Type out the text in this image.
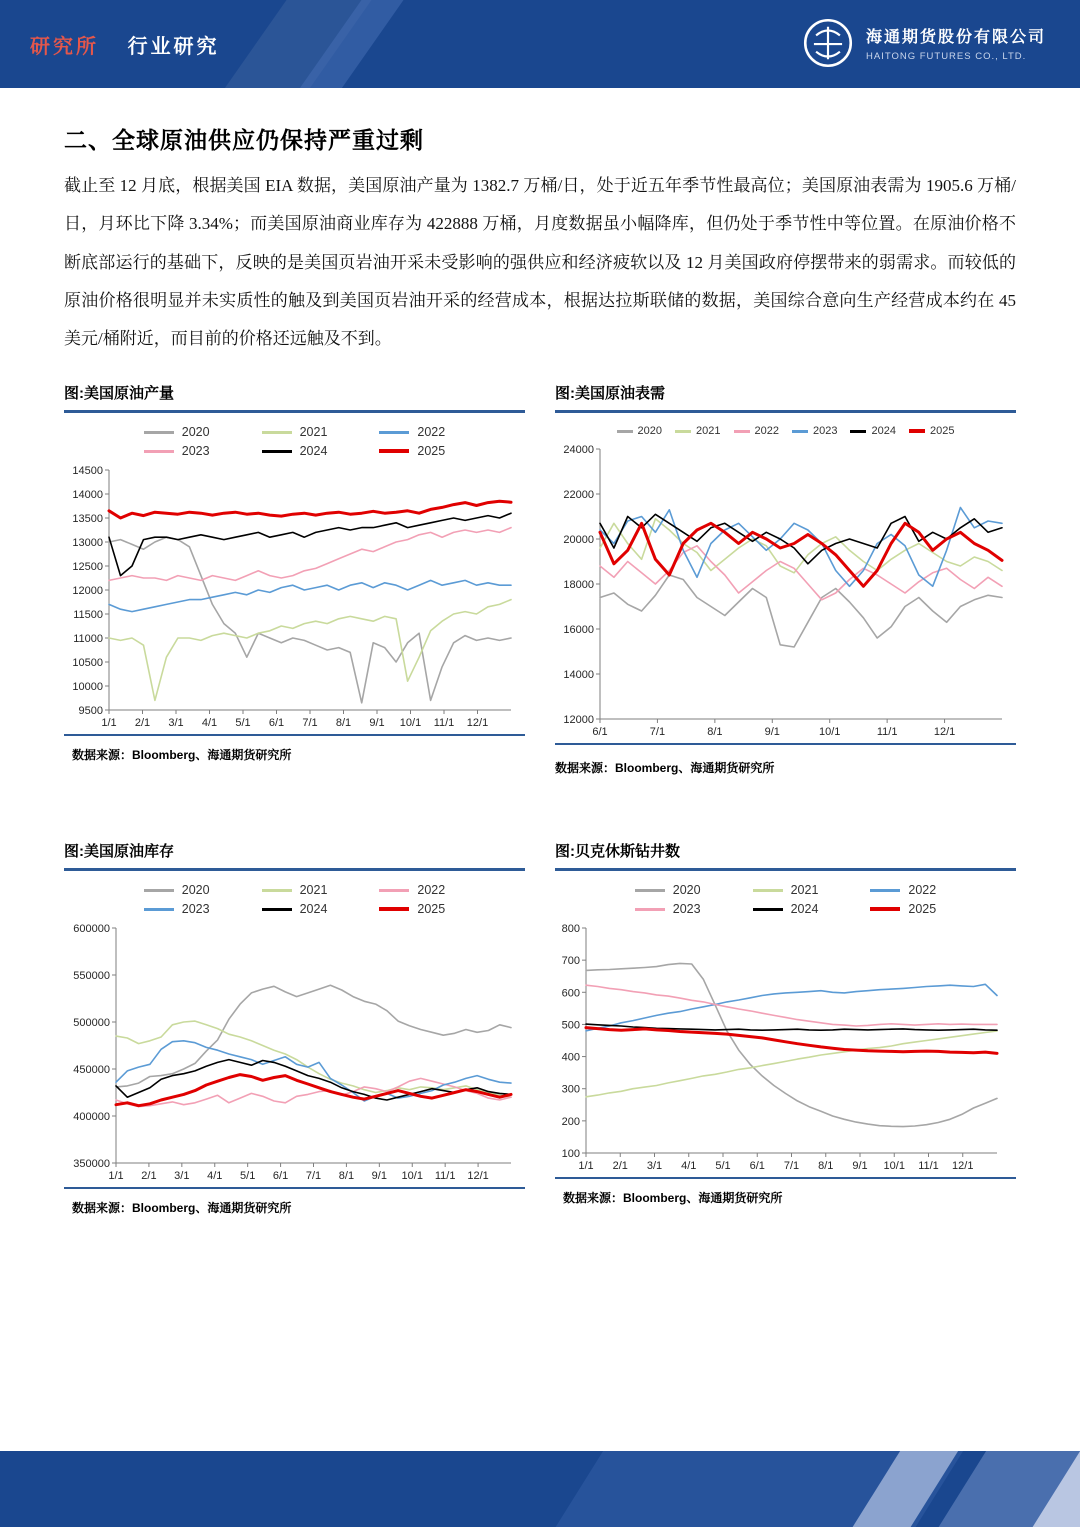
研究所 行业研究	海通期货股份有限公司
HAITONG FUTURES CO., LTD.
二、全球原油供应仍保持严重过剩

截止至 12 月底，根据美国 EIA 数据，美国原油产量为 1382.7 万桶/日，处于近五年季节性最高位；美国原油表需为 1905.6 万桶/日，月环比下降 3.34%；而美国原油商业库存为 422888 万桶，月度数据虽小幅降库，但仍处于季节性中等位置。在原油价格不断底部运行的基础下，反映的是美国页岩油开采未受影响的强供应和经济疲软以及 12 月美国政府停摆带来的弱需求。而较低的原油价格很明显并未实质性的触及到美国页岩油开采的经营成本，根据达拉斯联储的数据，美国综合意向生产经营成本约在 45 美元/桶附近，而目前的价格还远触及不到。

图:美国原油产量
2020	2021	2022
2023	2024	2025
9500
10000
10500
11000
11500
12000
12500
13000
13500
14000
14500
1/1 2/1 3/1 4/1 5/1 6/1 7/1 8/1 9/1 10/1 11/1 12/1
数据来源：Bloomberg、海通期货研究所
图:美国原油表需
2020	2021	2022	2023	2024	2025
12000
14000
16000
18000
20000
22000
24000
6/1	7/1	8/1	9/1	10/1	11/1	12/1
数据来源：Bloomberg、海通期货研究所
图:美国原油库存
2020	2021	2022
2023	2024	2025
350000
400000
450000
500000
550000
600000
1/1 2/1 3/1 4/1 5/1 6/1 7/1 8/1 9/1 10/1 11/1 12/1
数据来源：Bloomberg、海通期货研究所
图:贝克休斯钻井数
2020	2021	2022
2023	2024	2025
100
200
300
400
500
600
700
800
1/1 2/1 3/1 4/1 5/1 6/1 7/1 8/1 9/1 10/1 11/1 12/1
数据来源：Bloomberg、海通期货研究所
